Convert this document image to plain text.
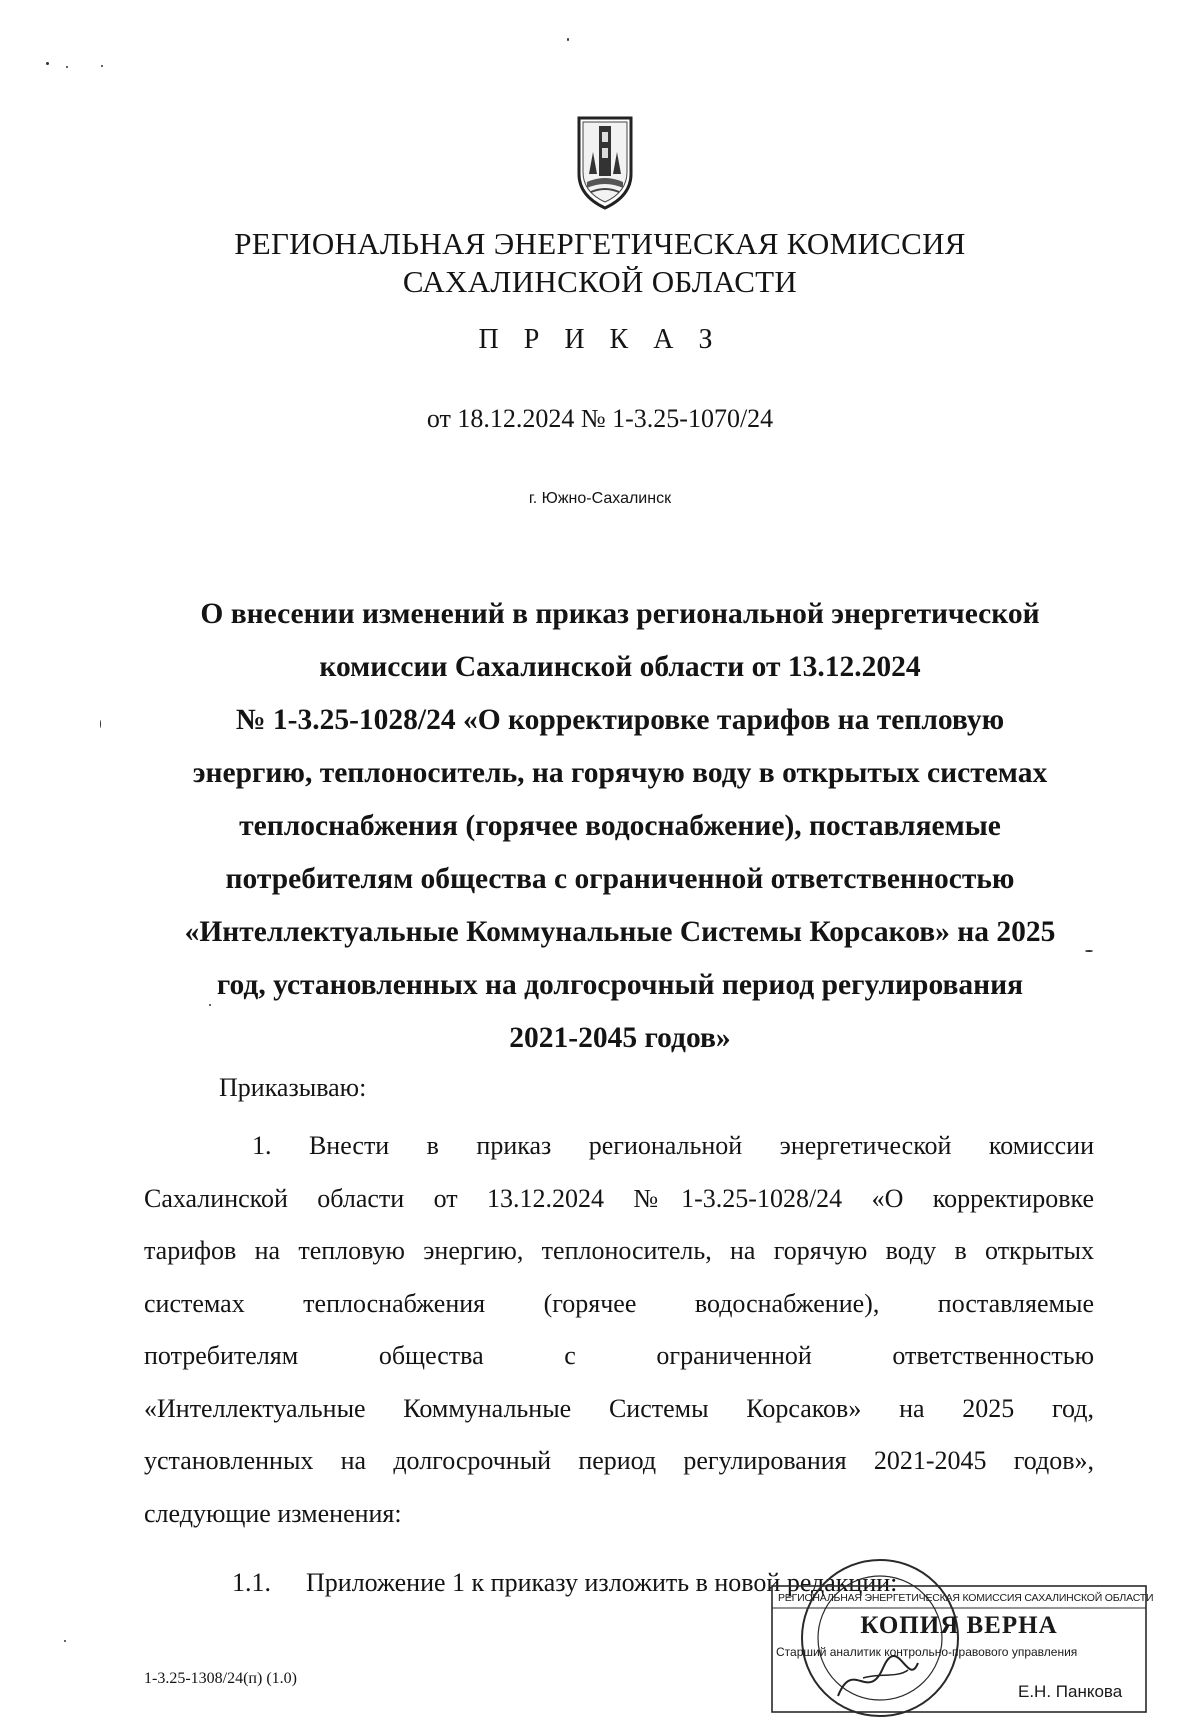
РЕГИОНАЛЬНАЯ ЭНЕРГЕТИЧЕСКАЯ КОМИССИЯ
САХАЛИНСКОЙ ОБЛАСТИ
П Р И К А З
от 18.12.2024 № 1-3.25-1070/24
г. Южно-Сахалинск
О внесении изменений в приказ региональной энергетической
комиссии Сахалинской области от 13.12.2024
№ 1-3.25-1028/24 «О корректировке тарифов на тепловую
энергию, теплоноситель, на горячую воду в открытых системах
теплоснабжения (горячее водоснабжение), поставляемые
потребителям общества с ограниченной ответственностью
«Интеллектуальные Коммунальные Системы Корсаков» на 2025
год, установленных на долгосрочный период регулирования
2021-2045 годов»
Приказываю:
1. Внести в приказ региональной энергетической комиссии
Сахалинской области от 13.12.2024 №1-3.25-1028/24 «О корректировке
тарифов на тепловую энергию, теплоноситель, на горячую воду в открытых
системах теплоснабжения (горячее водоснабжение), поставляемые
потребителям общества с ограниченной ответственностью
«Интеллектуальные Коммунальные Системы Корсаков» на 2025 год,
установленных на долгосрочный период регулирования 2021-2045 годов»,
следующие изменения:
1.1. Приложение 1 к приказу изложить в новой редакции:
1-3.25-1308/24(п) (1.0)
РЕГИОНАЛЬНАЯ ЭНЕРГЕТИЧЕСКАЯ КОМИССИЯ САХАЛИНСКОЙ ОБЛАСТИ
КОПИЯ ВЕРНА
Старший аналитик контрольно-правового управления
Е.Н. Панкова
